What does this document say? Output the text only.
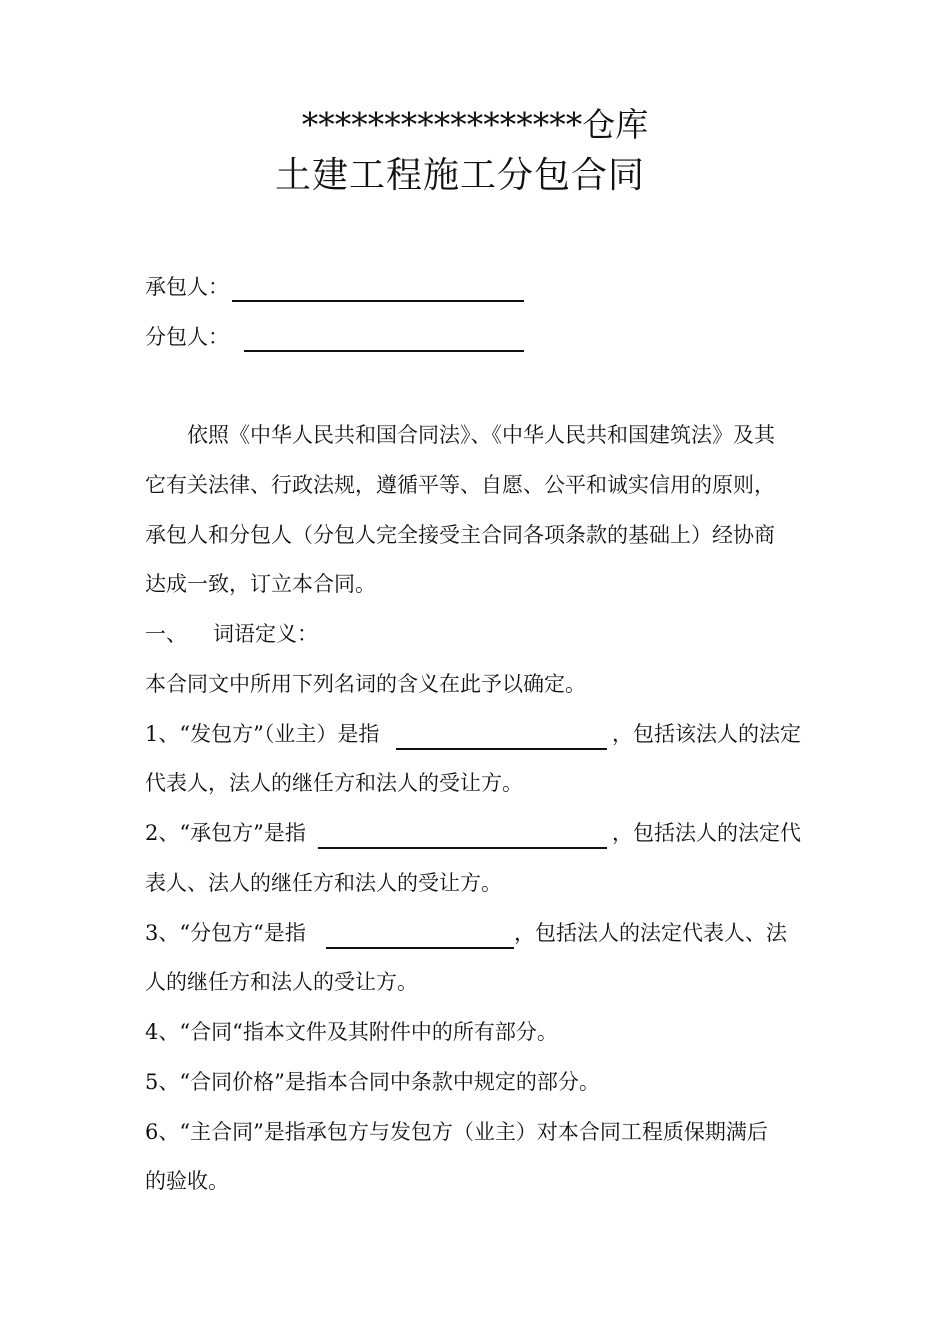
*****************仓库
土建工程施工分包合同
承包人：
分包人：
依照《中华人民共和国合同法》、《中华人民共和国建筑法》及其
它有关法律、行政法规，遵循平等、自愿、公平和诚实信用的原则，
承包人和分包人（分包人完全接受主合同各项条款的基础上）经协商
达成一致，订立本合同。
一、 词语定义：
本合同文中所用下列名词的含义在此予以确定。
1、“发包方”（业主）是指	，包括该法人的法定
代表人，法人的继任方和法人的受让方。
2、“承包方”是指	，包括法人的法定代
表人、法人的继任方和法人的受让方。
3、“分包方“是指	，包括法人的法定代表人、法
人的继任方和法人的受让方。
4、“合同“指本文件及其附件中的所有部分。
5、“合同价格”是指本合同中条款中规定的部分。
6、“主合同”是指承包方与发包方（业主）对本合同工程质保期满后
的验收。
